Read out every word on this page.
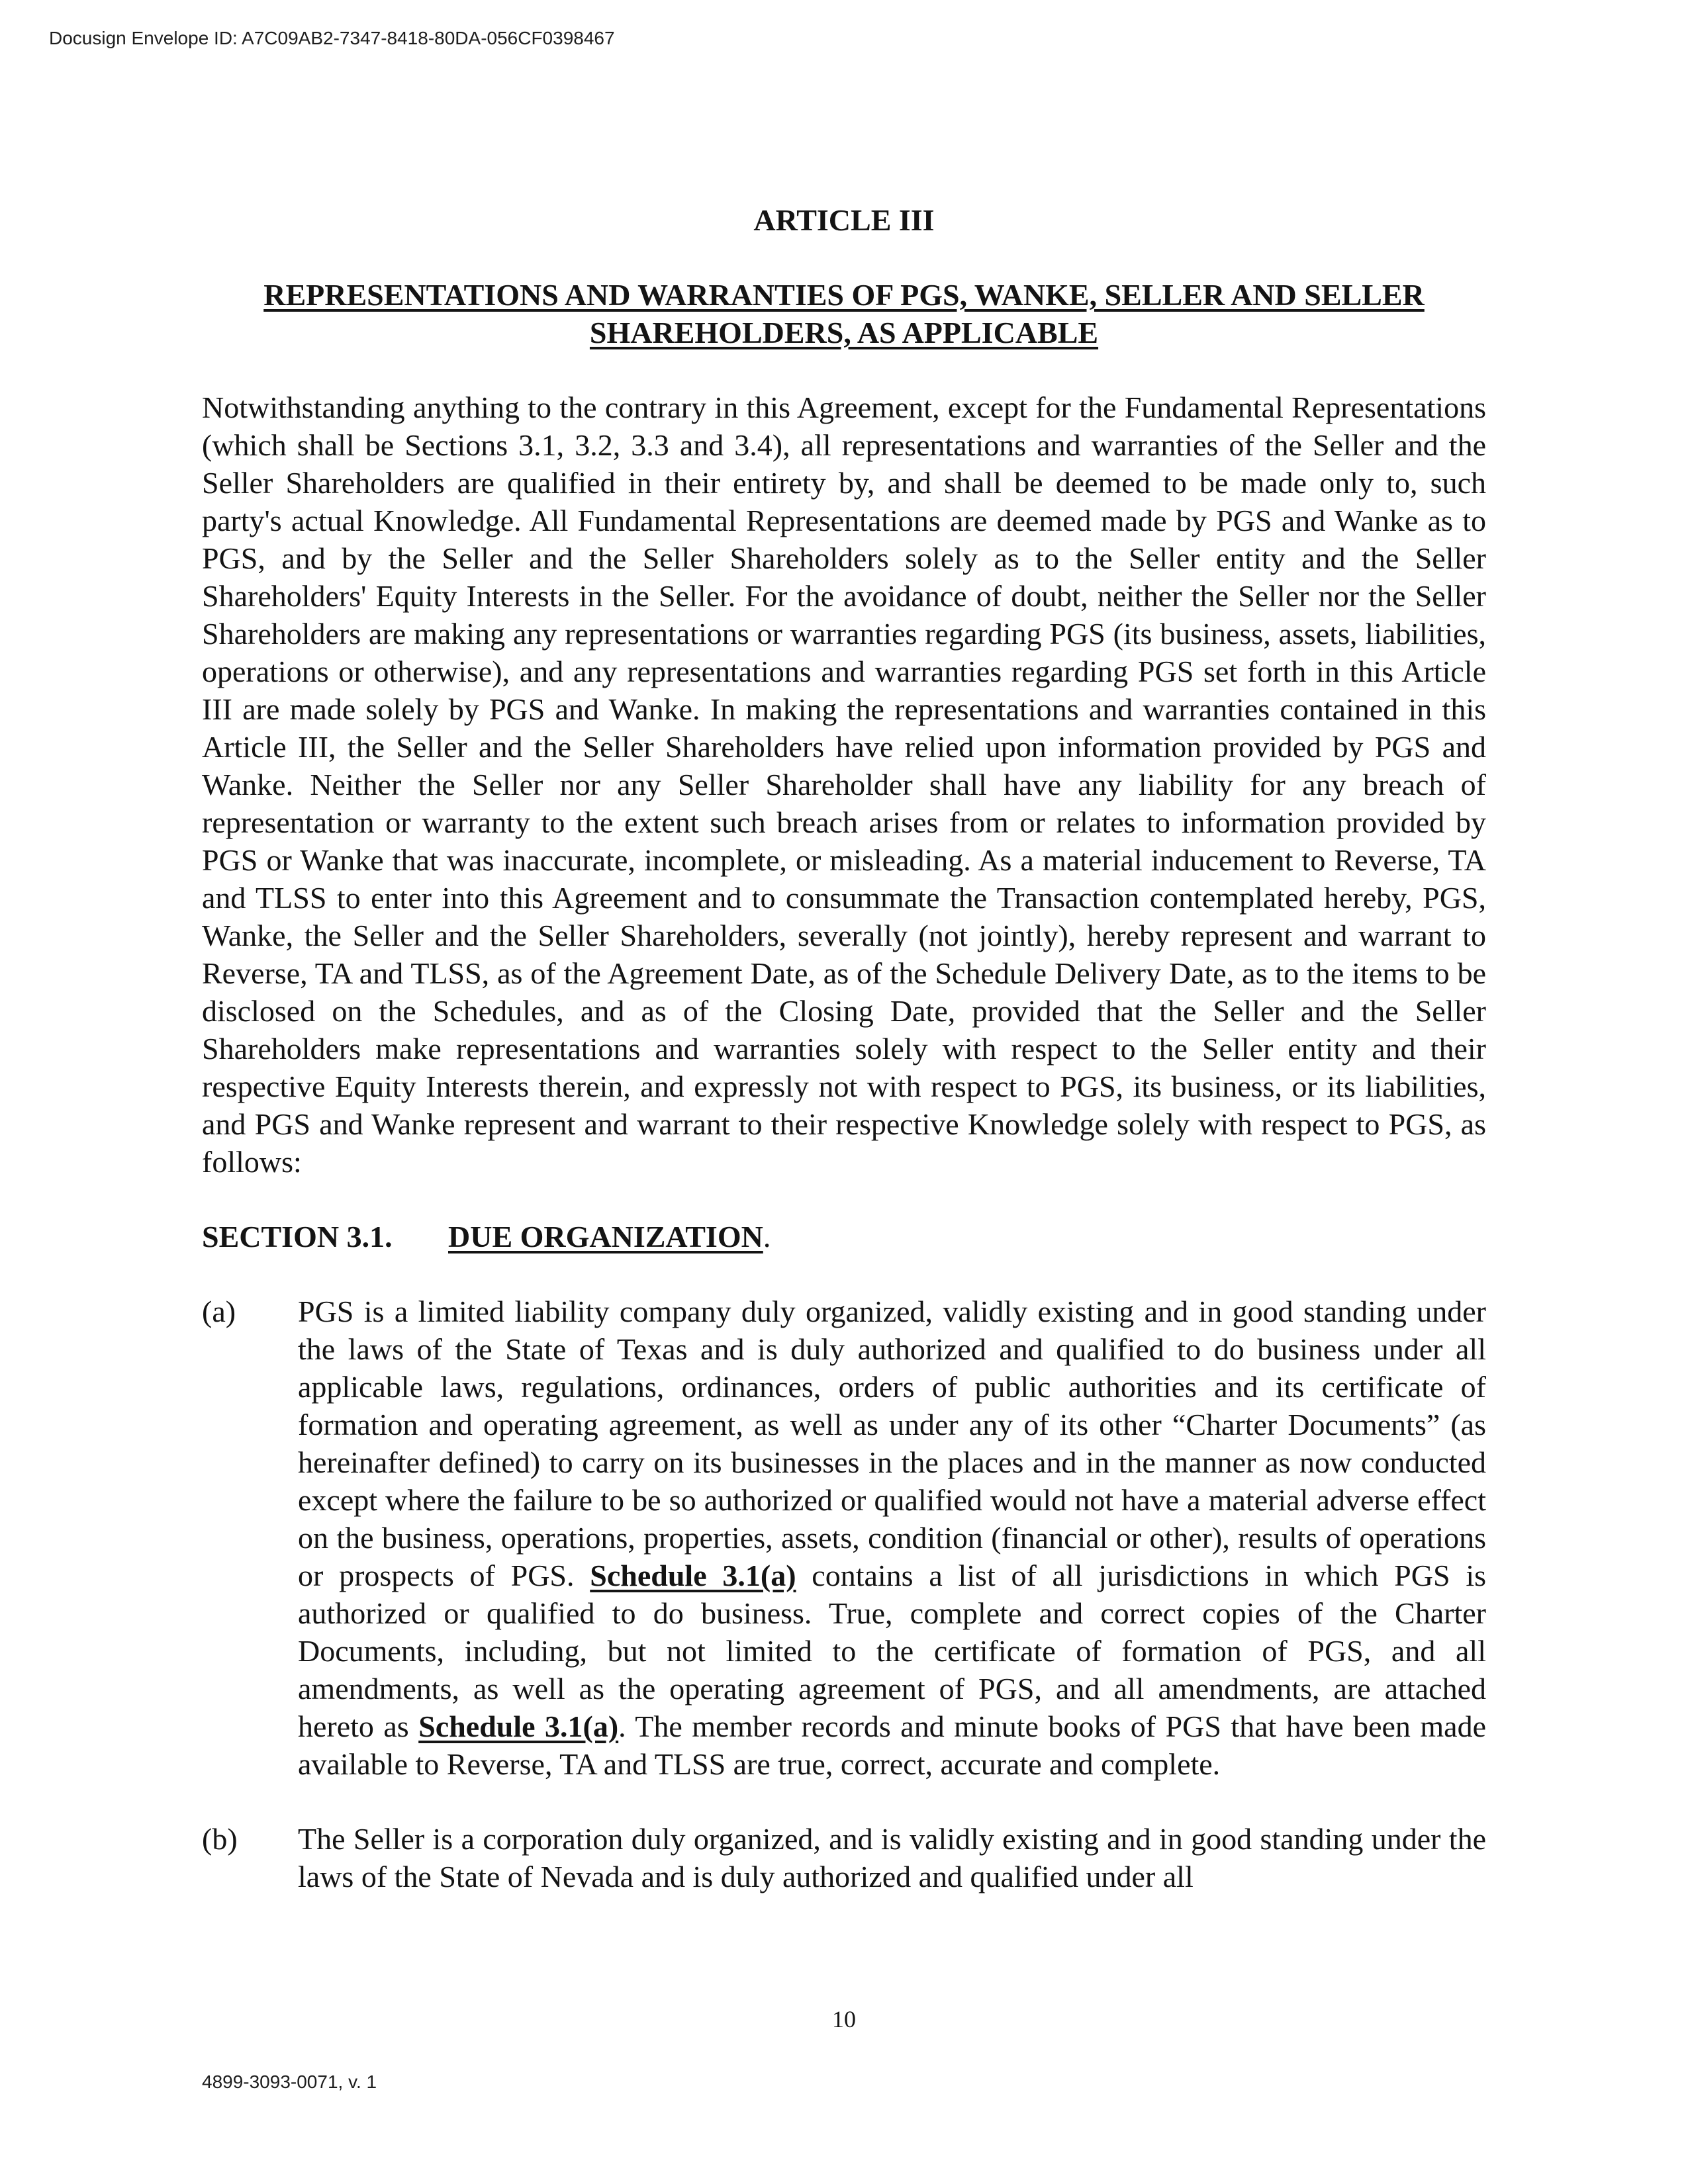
Docusign Envelope ID: A7C09AB2-7347-8418-80DA-056CF0398467
ARTICLE III
REPRESENTATIONS AND WARRANTIES OF PGS, WANKE, SELLER AND SELLER
SHAREHOLDERS, AS APPLICABLE

Notwithstanding anything to the contrary in this Agreement, except for the Fundamental Representations (which shall be Sections 3.1, 3.2, 3.3 and 3.4), all representations and warranties of the Seller and the Seller Shareholders are qualified in their entirety by, and shall be deemed to be made only to, such party's actual Knowledge. All Fundamental Representations are deemed made by PGS and Wanke as to PGS, and by the Seller and the Seller Shareholders solely as to the Seller entity and the Seller Shareholders' Equity Interests in the Seller. For the avoidance of doubt, neither the Seller nor the Seller Shareholders are making any representations or warranties regarding PGS (its business, assets, liabilities, operations or otherwise), and any representations and warranties regarding PGS set forth in this Article III are made solely by PGS and Wanke. In making the representations and warranties contained in this Article III, the Seller and the Seller Shareholders have relied upon information provided by PGS and Wanke. Neither the Seller nor any Seller Shareholder shall have any liability for any breach of representation or warranty to the extent such breach arises from or relates to information provided by PGS or Wanke that was inaccurate, incomplete, or misleading. As a material inducement to Reverse, TA and TLSS to enter into this Agreement and to consummate the Transaction contemplated hereby, PGS, Wanke, the Seller and the Seller Shareholders, severally (not jointly), hereby represent and warrant to Reverse, TA and TLSS, as of the Agreement Date, as of the Schedule Delivery Date, as to the items to be disclosed on the Schedules, and as of the Closing Date, provided that the Seller and the Seller Shareholders make representations and warranties solely with respect to the Seller entity and their respective Equity Interests therein, and expressly not with respect to PGS, its business, or its liabilities, and PGS and Wanke represent and warrant to their respective Knowledge solely with respect to PGS, as follows:

SECTION 3.1. DUE ORGANIZATION.
(a) PGS is a limited liability company duly organized, validly existing and in good standing under the laws of the State of Texas and is duly authorized and qualified to do business under all applicable laws, regulations, ordinances, orders of public authorities and its certificate of formation and operating agreement, as well as under any of its other “Charter Documents” (as hereinafter defined) to carry on its businesses in the places and in the manner as now conducted except where the failure to be so authorized or qualified would not have a material adverse effect on the business, operations, properties, assets, condition (financial or other), results of operations or prospects of PGS. Schedule 3.1(a) contains a list of all jurisdictions in which PGS is authorized or qualified to do business. True, complete and correct copies of the Charter Documents, including, but not limited to the certificate of formation of PGS, and all amendments, as well as the operating agreement of PGS, and all amendments, are attached hereto as Schedule 3.1(a). The member records and minute books of PGS that have been made available to Reverse, TA and TLSS are true, correct, accurate and complete.
(b) The Seller is a corporation duly organized, and is validly existing and in good standing under the laws of the State of Nevada and is duly authorized and qualified under all
10
4899-3093-0071, v. 1
